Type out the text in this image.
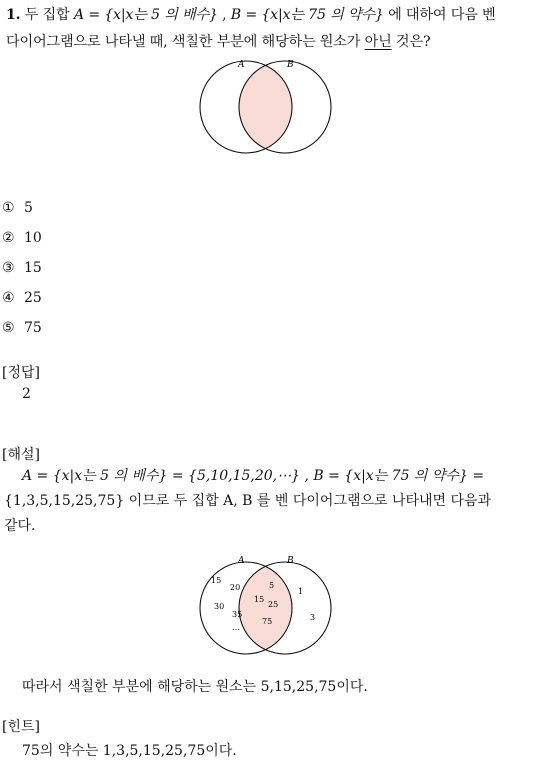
1. 두 집합 A = {x|x는 5 의 배수} , B = {x|x는 75 의 약수} 에 대하여 다음 벤
다이어그램으로 나타낼 때, 색칠한 부분에 해당하는 원소가 아닌 것은?
A	B
① 5
② 10
③ 15
④ 25
⑤ 75
[정답]
2
[해설]
A = {x|x는 5 의 배수} = {5,10,15,20,⋯} , B = {x|x는 75 의 약수} =
{1,3,5,15,25,75} 이므로 두 집합 A, B 를 벤 다이어그램으로 나타내면 다음과
같다.
A	B
15
20
30
35
…
5
15
25
75
1
3
따라서 색칠한 부분에 해당하는 원소는 5,15,25,75이다.
[힌트]
75의 약수는 1,3,5,15,25,75이다.
